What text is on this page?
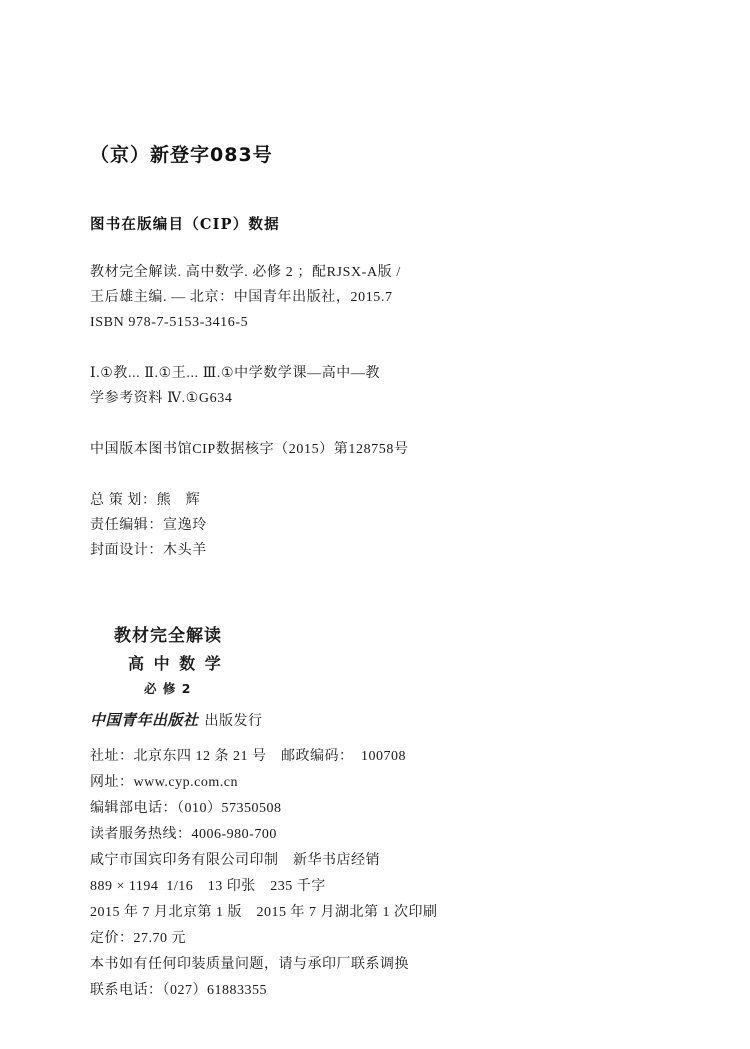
（京）新登字083号
图书在版编目（CIP）数据
教材完全解读. 高中数学. 必修 2 ；配RJSX-A版 /
王后雄主编. — 北京：中国青年出版社，2015.7
ISBN 978-7-5153-3416-5
Ⅰ.①教... Ⅱ.①王... Ⅲ.①中学数学课—高中—教
学参考资料 Ⅳ.①G634
中国版本图书馆CIP数据核字（2015）第128758号
总 策 划：熊　辉
责任编辑：宣逸玲
封面设计：木头羊
教材完全解读
高 中 数 学
必 修 2
中国青年出版社 出版发行
社址：北京东四 12 条 21 号　邮政编码：　100708
网址：www.cyp.com.cn
编辑部电话：（010）57350508
读者服务热线：4006-980-700
咸宁市国宾印务有限公司印制　新华书店经销
889 × 1194  1/16　13 印张　235 千字
2015 年 7 月北京第 1 版　2015 年 7 月湖北第 1 次印刷
定价：27.70 元
本书如有任何印装质量问题，请与承印厂联系调换
联系电话：（027）61883355
